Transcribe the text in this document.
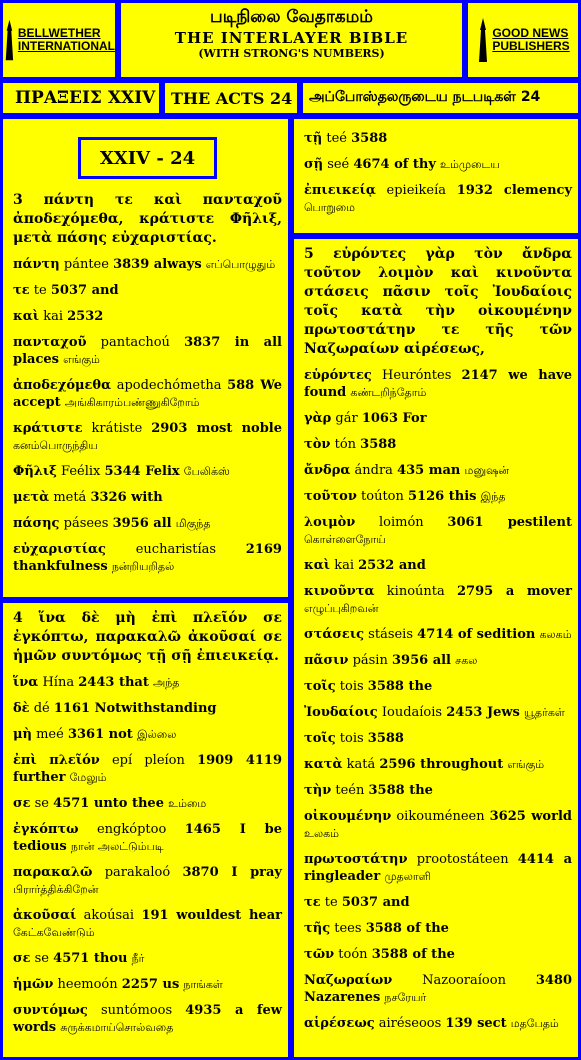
BELLWETHER
INTERNATIONAL
படிநிலை வேதாகமம்
THE INTERLAYER BIBLE
(WITH STRONG'S NUMBERS)
GOOD NEWS
PUBLISHERS
ΠΡΑΞΕΙΣ XXIV THE ACTS 24 அப்போஸ்தலருடைய நடபடிகள் 24
XXIV - 24
3 πάντη τε καὶ πανταχοῦ ἀποδεχόμεθα, κράτιστε Φῆλιξ, μετὰ πάσης εὐχαριστίας.
πάντη pántee 3839 always எப்பொழுதும்
τε te 5037 and
καὶ kai 2532
πανταχοῦ pantachoú 3837 in all places எங்கும்
ἀποδεχόμεθα apodechómetha 588 We accept அங்கிகாரம்பண்ணுகிறோம்
κράτιστε krátiste 2903 most noble கனம்பொருந்திய
Φῆλιξ Feélix 5344 Felix பேலிக்ஸ்
μετὰ metá 3326 with
πάσης pásees 3956 all மிகுந்த
εὐχαριστίας eucharistías 2169 thankfulness நன்றியறிதல்
4 ἵνα δὲ μὴ ἐπὶ πλεῖόν σε ἐγκόπτω, παρακαλῶ ἀκοῦσαί σε ἡμῶν συντόμως τῇ σῇ ἐπιεικείᾳ.
ἵνα Hína 2443 that அந்த
δὲ dé 1161 Notwithstanding
μὴ meé 3361 not இல்லை
ἐπὶ πλεῖόν epí pleíon 1909 4119 further மேலும்
σε se 4571 unto thee உம்மை
ἐγκόπτω engkóptoo 1465 I be tedious நான் அலட்டும்படி
παρακαλῶ parakaloó 3870 I pray பிரார்த்திக்கிறேன்
ἀκοῦσαί akoúsai 191 wouldest hear கேட்கவேண்டும்
σε se 4571 thou நீர்
ἡμῶν heemoón 2257 us நாங்கள்
συντόμως suntómoos 4935 a few words சுருக்கமாய்சொல்வதை
τῇ teé 3588
σῇ seé 4674 of thy உம்முடைய
ἐπιεικείᾳ epieikeía 1932 clemency பொறுமை
5 εὑρόντες γὰρ τὸν ἄνδρα τοῦτον λοιμὸν καὶ κινοῦντα στάσεις πᾶσιν τοῖς Ἰουδαίοις τοῖς κατὰ τὴν οἰκουμένην πρωτοστάτην τε τῆς τῶν Ναζωραίων αἱρέσεως,
εὑρόντες Heurόntes 2147 we have found கண்டறிந்தோம்
γὰρ gár 1063 For
τὸν tón 3588
ἄνδρα ándra 435 man மனுஷன்
τοῦτον toúton 5126 this இந்த
λοιμὸν loimón 3061 pestilent கொள்ளைநோய்
καὶ kai 2532 and
κινοῦντα kinoúnta 2795 a mover எழுப்புகிறவன்
στάσεις stáseis 4714 of sedition கலகம்
πᾶσιν pásin 3956 all சகல
τοῖς tois 3588 the
Ἰουδαίοις Ioudaíois 2453 Jews யூதர்கள்
τοῖς tois 3588
κατὰ katá 2596 throughout எங்கும்
τὴν teén 3588 the
οἰκουμένην oikouméneen 3625 world உலகம்
πρωτοστάτην prootostáteen 4414 a ringleader முதலாளி
τε te 5037 and
τῆς tees 3588 of the
τῶν toón 3588 of the
Ναζωραίων Nazooraíoon 3480 Nazarenes நசரேயர்
αἱρέσεως airéseoos 139 sect மதபேதம்
